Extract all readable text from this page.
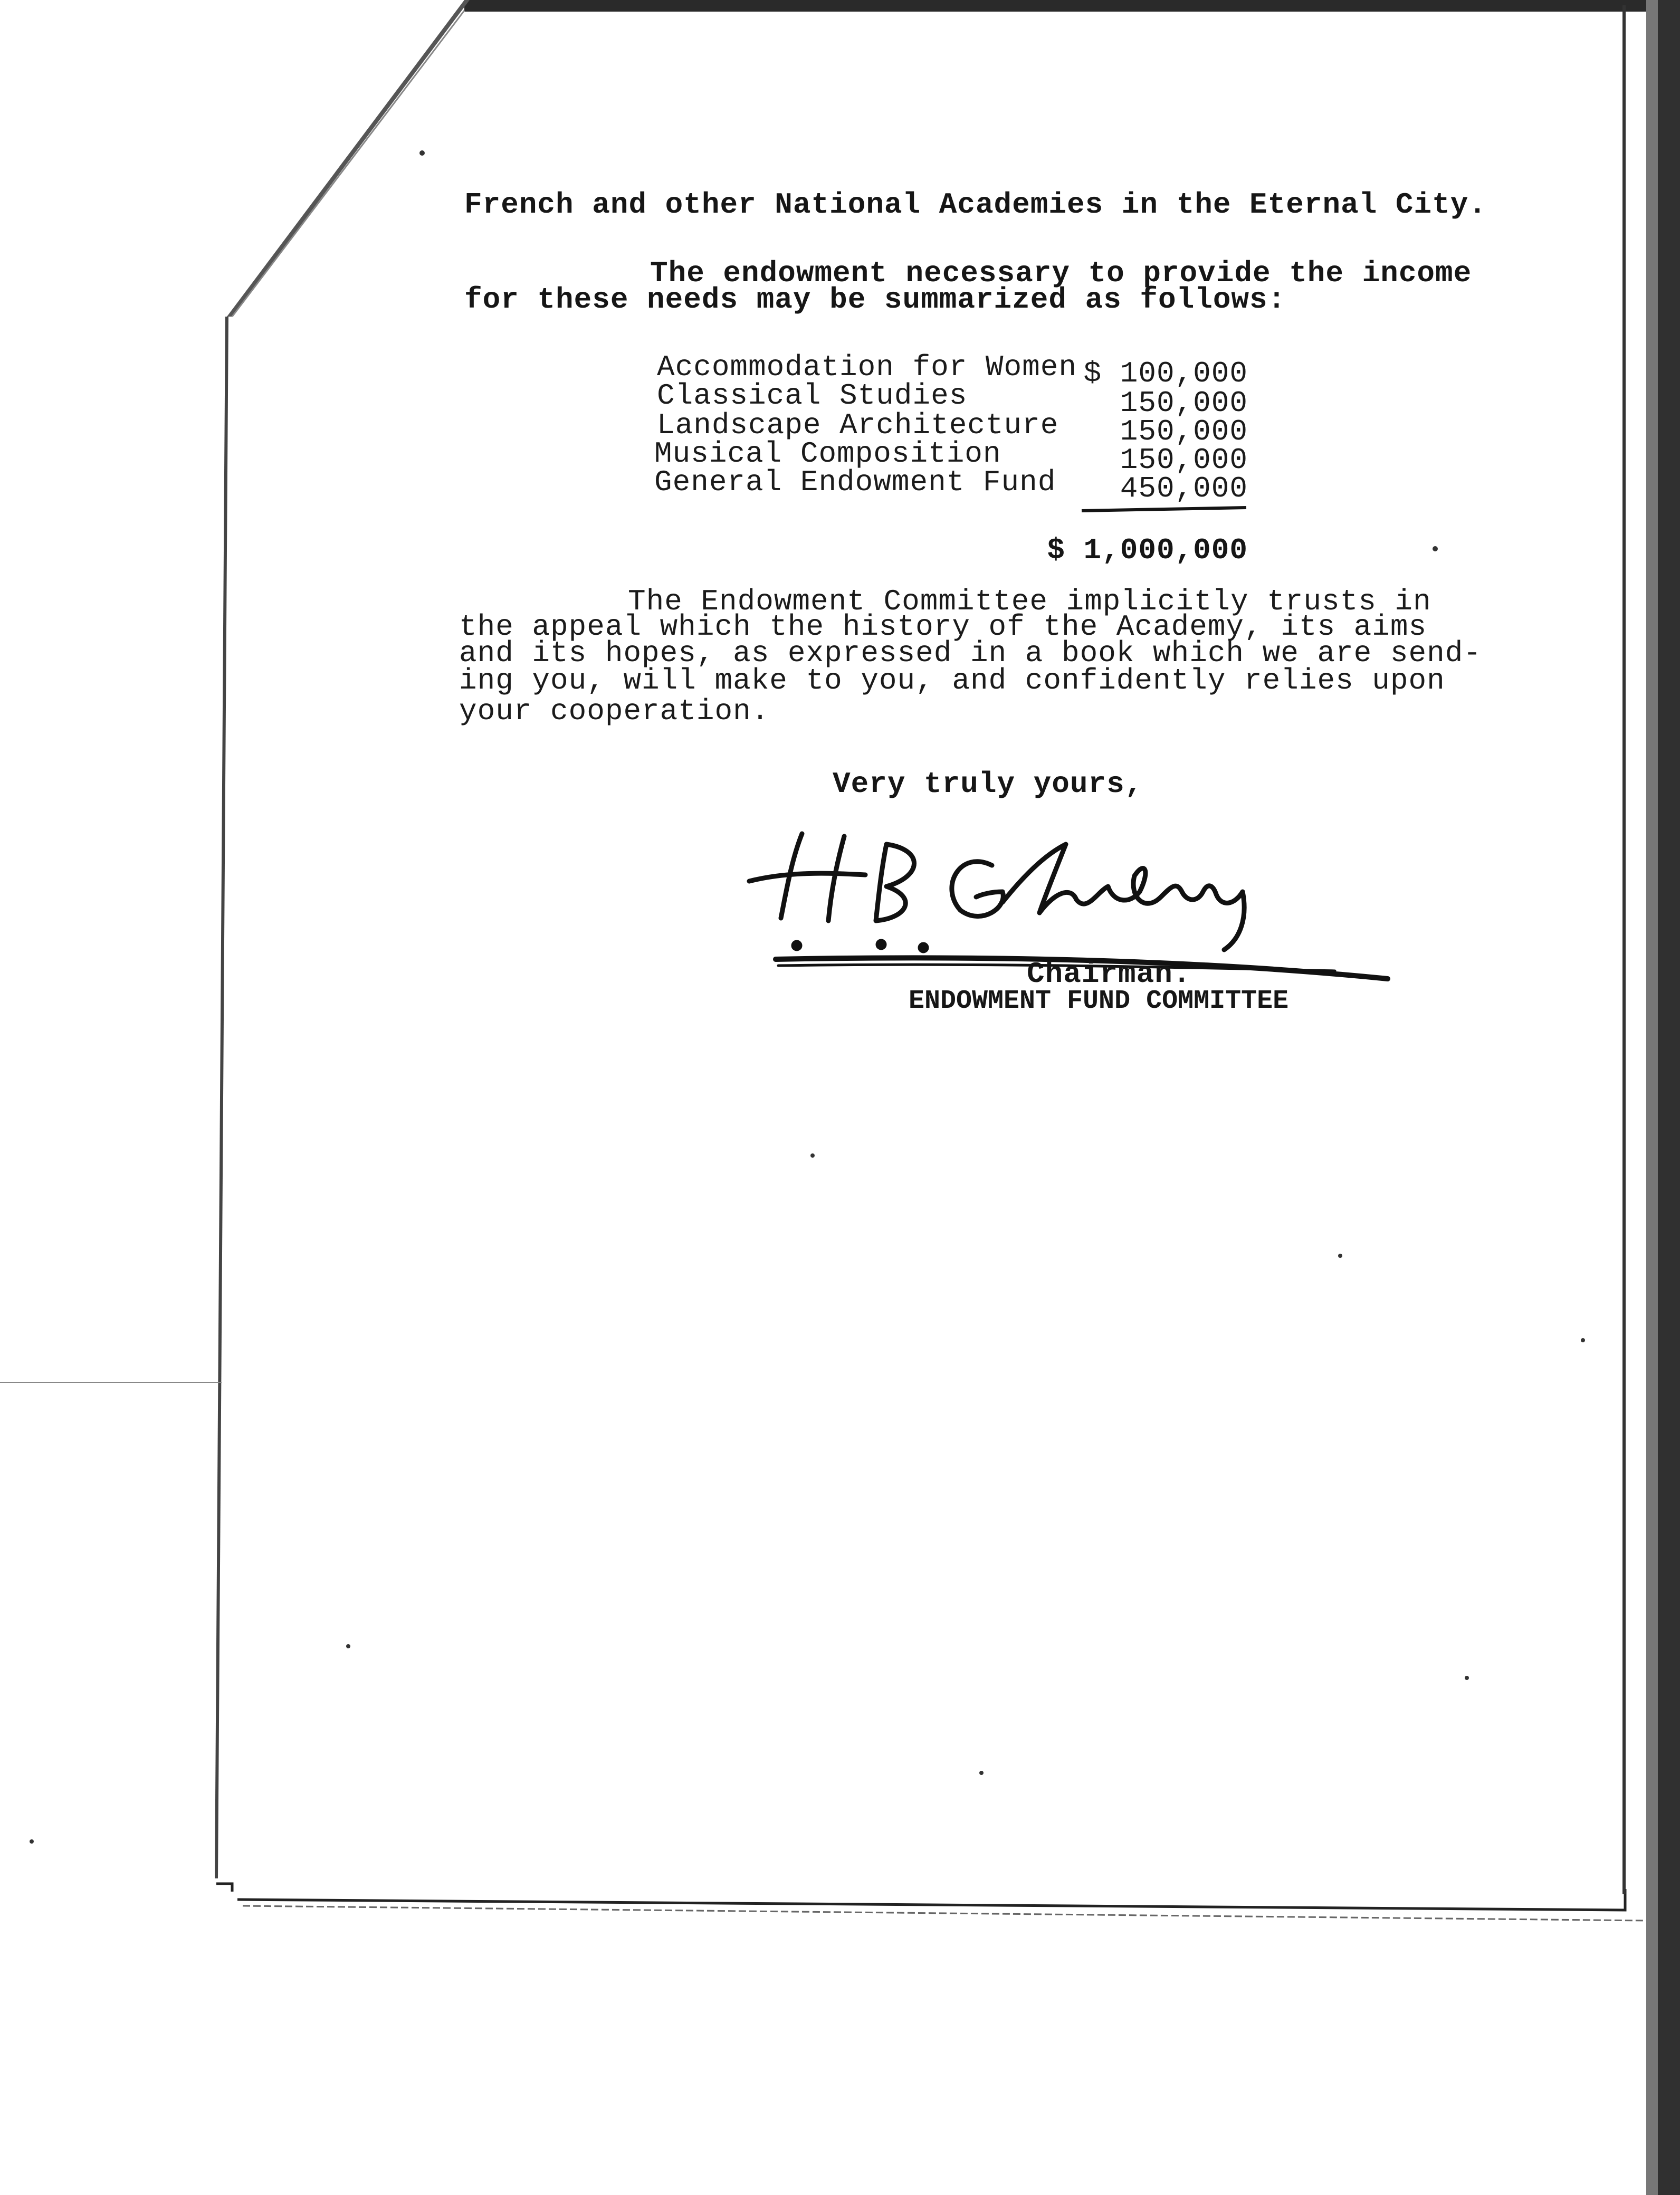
French and other National Academies in the Eternal City.
The endowment necessary to provide the income
for these needs may be summarized as follows:
Accommodation for Women $ 100,000
Classical Studies	150,000
Landscape Architecture	150,000
Musical Composition	150,000
General Endowment Fund	450,000
$ 1,000,000
The Endowment Committee implicitly trusts in
the appeal which the history of the Academy, its aims
and its hopes, as expressed in a book which we are send-
ing you, will make to you, and confidently relies upon
your cooperation.
Very truly yours,
Chairman.
ENDOWMENT FUND COMMITTEE
